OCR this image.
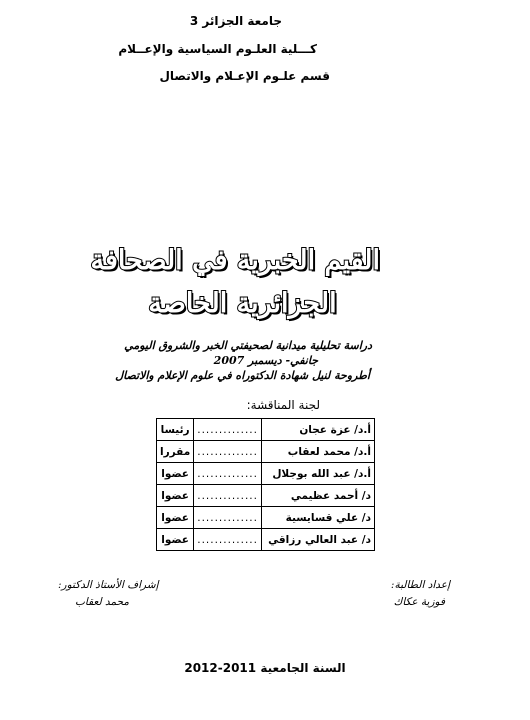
جامعة الجزائر 3

كـــلية العلـوم السياسية والإعــلام

قسم علـوم الإعـلام والاتصال

القيم الخبرية في الصحافة

الجزائرية الخاصة

دراسة تحليلية ميدانية لصحيفتي الخبر والشروق اليومي

جانفي- ديسمبر 2007

أطروحة لنيل شهادة الدكتوراه في علوم الإعلام والاتصال

لجنة المناقشة:

أ.د/ عزة عجان	..............	رئيسا
أ.د/ محمد لعقاب	..............	مقررا
أ.د/ عبد الله بوجلال	..............	عضوا
د/ أحمد عظيمي	..............	عضوا
د/ علي قسايسية	..............	عضوا
د/ عبد العالي رزاقي	..............	عضوا

إشراف الأستاذ الدكتور:

محمد لعقاب

إعداد الطالبة:

فوزية عكاك

السنة الجامعية 2011-2012
